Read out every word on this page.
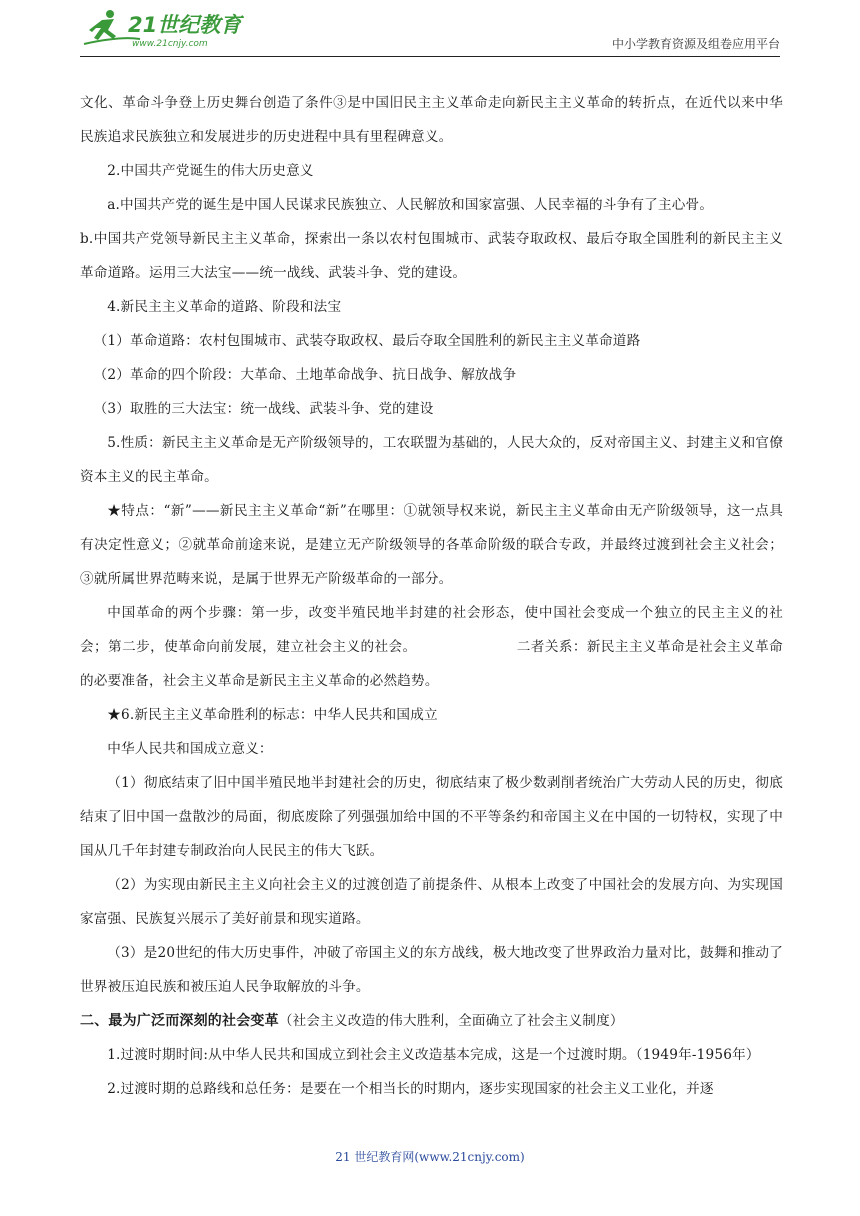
21世纪教育
www.21cnjy.com	中小学教育资源及组卷应用平台

文化、革命斗争登上历史舞台创造了条件③是中国旧民主主义革命走向新民主主义革命的转折点，在近代以来中华民族追求民族独立和发展进步的历史进程中具有里程碑意义。

2.中国共产党诞生的伟大历史意义

a.中国共产党的诞生是中国人民谋求民族独立、人民解放和国家富强、人民幸福的斗争有了主心骨。

b.中国共产党领导新民主主义革命，探索出一条以农村包围城市、武装夺取政权、最后夺取全国胜利的新民主主义革命道路。运用三大法宝——统一战线、武装斗争、党的建设。

4.新民主主义革命的道路、阶段和法宝

（1）革命道路：农村包围城市、武装夺取政权、最后夺取全国胜利的新民主主义革命道路

（2）革命的四个阶段：大革命、土地革命战争、抗日战争、解放战争

（3）取胜的三大法宝：统一战线、武装斗争、党的建设

5.性质：新民主主义革命是无产阶级领导的，工农联盟为基础的，人民大众的，反对帝国主义、封建主义和官僚资本主义的民主革命。

★特点：“新”——新民主主义革命“新”在哪里：①就领导权来说，新民主主义革命由无产阶级领导，这一点具有决定性意义；②就革命前途来说，是建立无产阶级领导的各革命阶级的联合专政，并最终过渡到社会主义社会；③就所属世界范畴来说，是属于世界无产阶级革命的一部分。

中国革命的两个步骤：第一步，改变半殖民地半封建的社会形态，使中国社会变成一个独立的民主主义的社会；第二步，使革命向前发展，建立社会主义的社会。	二者关系：新民主主义革命是社会主义革命的必要准备，社会主义革命是新民主主义革命的必然趋势。

★6.新民主主义革命胜利的标志：中华人民共和国成立

中华人民共和国成立意义：

（1）彻底结束了旧中国半殖民地半封建社会的历史，彻底结束了极少数剥削者统治广大劳动人民的历史，彻底结束了旧中国一盘散沙的局面，彻底废除了列强强加给中国的不平等条约和帝国主义在中国的一切特权，实现了中国从几千年封建专制政治向人民民主的伟大飞跃。

（2）为实现由新民主主义向社会主义的过渡创造了前提条件、从根本上改变了中国社会的发展方向、为实现国家富强、民族复兴展示了美好前景和现实道路。

（3）是20世纪的伟大历史事件，冲破了帝国主义的东方战线，极大地改变了世界政治力量对比，鼓舞和推动了世界被压迫民族和被压迫人民争取解放的斗争。

二、最为广泛而深刻的社会变革（社会主义改造的伟大胜利，全面确立了社会主义制度）

1.过渡时期时间:从中华人民共和国成立到社会主义改造基本完成，这是一个过渡时期。（1949年-1956年）

2.过渡时期的总路线和总任务：是要在一个相当长的时期内，逐步实现国家的社会主义工业化，并逐

21 世纪教育网(www.21cnjy.com)
